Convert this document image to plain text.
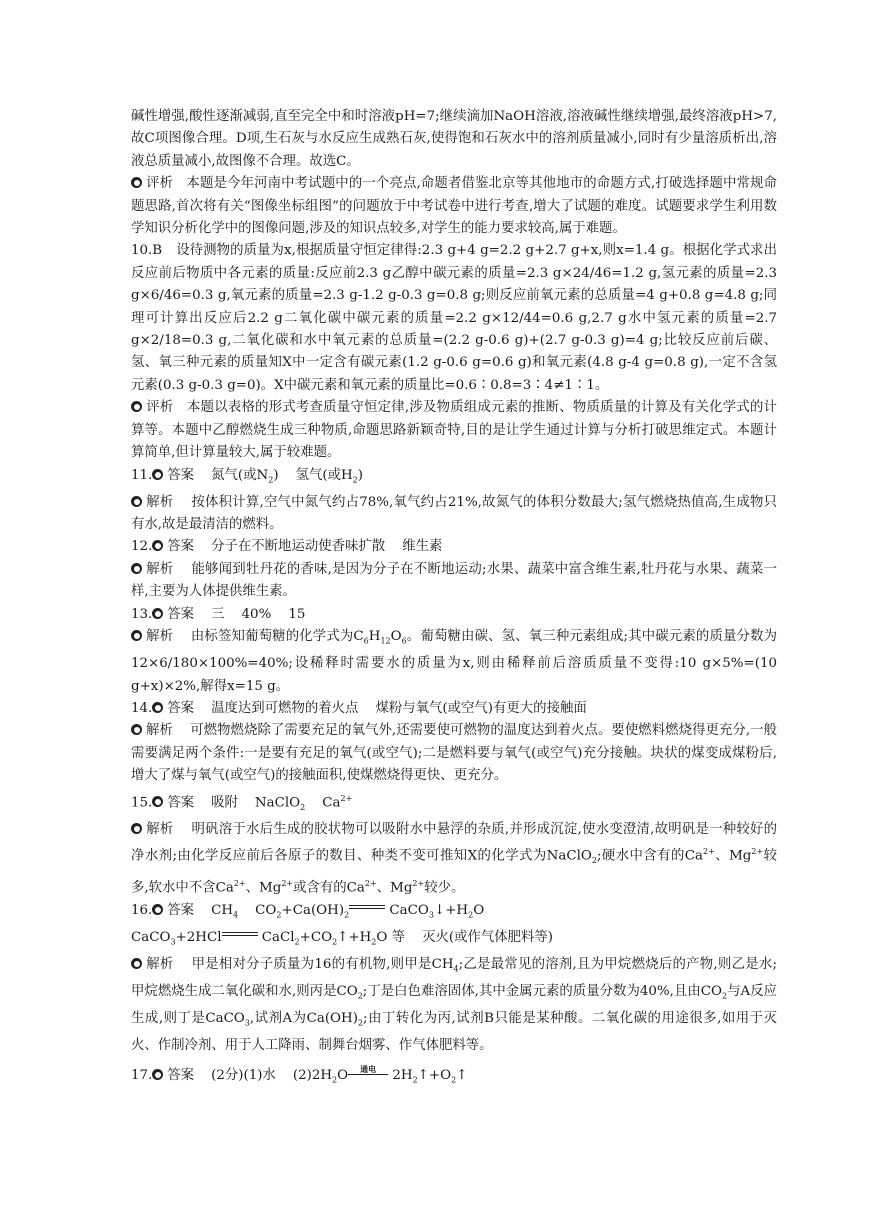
碱性增强,酸性逐渐减弱,直至完全中和时溶液pH=7;继续滴加NaOH溶液,溶液碱性继续增强,最终溶液pH>7,故C项图像合理。D项,生石灰与水反应生成熟石灰,使得饱和石灰水中的溶剂质量减小,同时有少量溶质析出,溶液总质量减小,故图像不合理。故选C。

评析 本题是今年河南中考试题中的一个亮点,命题者借鉴北京等其他地市的命题方式,打破选择题中常规命题思路,首次将有关“图像坐标组图”的问题放于中考试卷中进行考查,增大了试题的难度。试题要求学生利用数学知识分析化学中的图像问题,涉及的知识点较多,对学生的能力要求较高,属于难题。

10.B 设待测物的质量为x,根据质量守恒定律得:2.3 g+4 g=2.2 g+2.7 g+x,则x=1.4 g。根据化学式求出反应前后物质中各元素的质量:反应前2.3 g乙醇中碳元素的质量=2.3 g×24/46=1.2 g,氢元素的质量=2.3 g×6/46=0.3 g,氧元素的质量=2.3 g-1.2 g-0.3 g=0.8 g;则反应前氧元素的总质量=4 g+0.8 g=4.8 g;同理可计算出反应后2.2 g二氧化碳中碳元素的质量=2.2 g×12/44=0.6 g,2.7 g水中氢元素的质量=2.7 g×2/18=0.3 g,二氧化碳和水中氧元素的总质量=(2.2 g-0.6 g)+(2.7 g-0.3 g)=4 g;比较反应前后碳、氢、氧三种元素的质量知X中一定含有碳元素(1.2 g-0.6 g=0.6 g)和氧元素(4.8 g-4 g=0.8 g),一定不含氢元素(0.3 g-0.3 g=0)。X中碳元素和氧元素的质量比=0.6∶0.8=3∶4≠1∶1。

评析 本题以表格的形式考查质量守恒定律,涉及物质组成元素的推断、物质质量的计算及有关化学式的计算等。本题中乙醇燃烧生成三种物质,命题思路新颖奇特,目的是让学生通过计算与分析打破思维定式。本题计算简单,但计算量较大,属于较难题。

11. 答案 氮气(或$N_2$) 氢气(或$H_2$)

解析 按体积计算,空气中氮气约占78%,氧气约占21%,故氮气的体积分数最大;氢气燃烧热值高,生成物只有水,故是最清洁的燃料。

12. 答案 分子在不断地运动使香味扩散 维生素

解析 能够闻到牡丹花的香味,是因为分子在不断地运动;水果、蔬菜中富含维生素,牡丹花与水果、蔬菜一样,主要为人体提供维生素。

13. 答案 三 40% 15

解析 由标签知葡萄糖的化学式为$C_6H_{12}O_6$。葡萄糖由碳、氢、氧三种元素组成;其中碳元素的质量分数为12×6/180×100%=40%;设稀释时需要水的质量为x,则由稀释前后溶质质量不变得:10 g×5%=(10 g+x)×2%,解得x=15 g。

14. 答案 温度达到可燃物的着火点 煤粉与氧气(或空气)有更大的接触面

解析 可燃物燃烧除了需要充足的氧气外,还需要使可燃物的温度达到着火点。要使燃料燃烧得更充分,一般需要满足两个条件:一是要有充足的氧气(或空气);二是燃料要与氧气(或空气)充分接触。块状的煤变成煤粉后,增大了煤与氧气(或空气)的接触面积,使煤燃烧得更快、更充分。

15. 答案 吸附 NaClO$_2$ $Ca^{2+}$

解析 明矾溶于水后生成的胶状物可以吸附水中悬浮的杂质,并形成沉淀,使水变澄清,故明矾是一种较好的净水剂;由化学反应前后各原子的数目、种类不变可推知X的化学式为NaClO$_2$;硬水中含有的$Ca^{2+}$、$Mg^{2+}$较多,软水中不含$Ca^{2+}$、$Mg^{2+}$或含有的$Ca^{2+}$、$Mg^{2+}$较少。

16. 答案 $CH_4$ $CO_2+Ca(OH)_2$	$CaCO_3↓+H_2O$
CaCO$_3$+2HCl	$CaCl_2+CO_2↑+H_2O$ 等 灭火(或作气体肥料等)

解析 甲是相对分子质量为16的有机物,则甲是$CH_4$;乙是最常见的溶剂,且为甲烷燃烧后的产物,则乙是水;甲烷燃烧生成二氧化碳和水,则丙是$CO_2$;丁是白色难溶固体,其中金属元素的质量分数为40%,且由$CO_2$与A反应生成,则丁是CaCO$_3$,试剂A为$Ca(OH)_2$;由丁转化为丙,试剂B只能是某种酸。二氧化碳的用途很多,如用于灭火、作制冷剂、用于人工降雨、制舞台烟雾、作气体肥料等。

17. 答案 (2分)(1)水 $(2)2H_2O$	通电	$2H_2↑+O_2↑$
